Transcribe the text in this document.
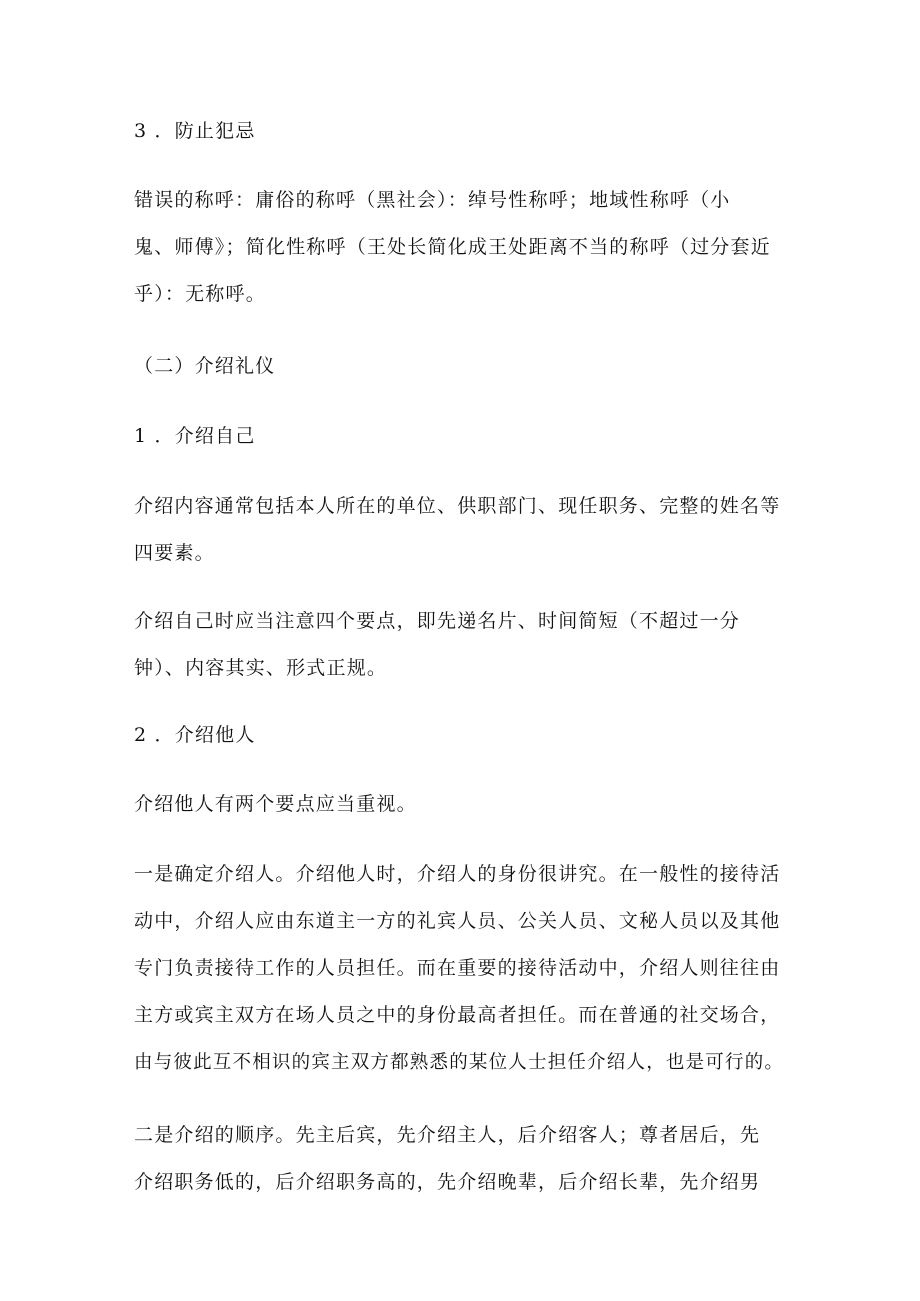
3 ．防止犯忌

错误的称呼：庸俗的称呼（黑社会）：绰号性称呼；地域性称呼（小
鬼、师傅》；简化性称呼（王处长简化成王处距离不当的称呼（过分套近
乎）：无称呼。

（二）介绍礼仪

1 ．介绍自己

介绍内容通常包括本人所在的单位、供职部门、现任职务、完整的姓名等
四要素。

介绍自己时应当注意四个要点，即先递名片、时间简短（不超过一分
钟）、内容其实、形式正规。

2 ．介绍他人

介绍他人有两个要点应当重视。

一是确定介绍人。介绍他人时，介绍人的身份很讲究。在一般性的接待活
动中，介绍人应由东道主一方的礼宾人员、公关人员、文秘人员以及其他
专门负责接待工作的人员担任。而在重要的接待活动中，介绍人则往往由
主方或宾主双方在场人员之中的身份最高者担任。而在普通的社交场合，
由与彼此互不相识的宾主双方都熟悉的某位人士担任介绍人，也是可行的。

二是介绍的顺序。先主后宾，先介绍主人，后介绍客人；尊者居后，先
介绍职务低的，后介绍职务高的，先介绍晚辈，后介绍长辈，先介绍男
